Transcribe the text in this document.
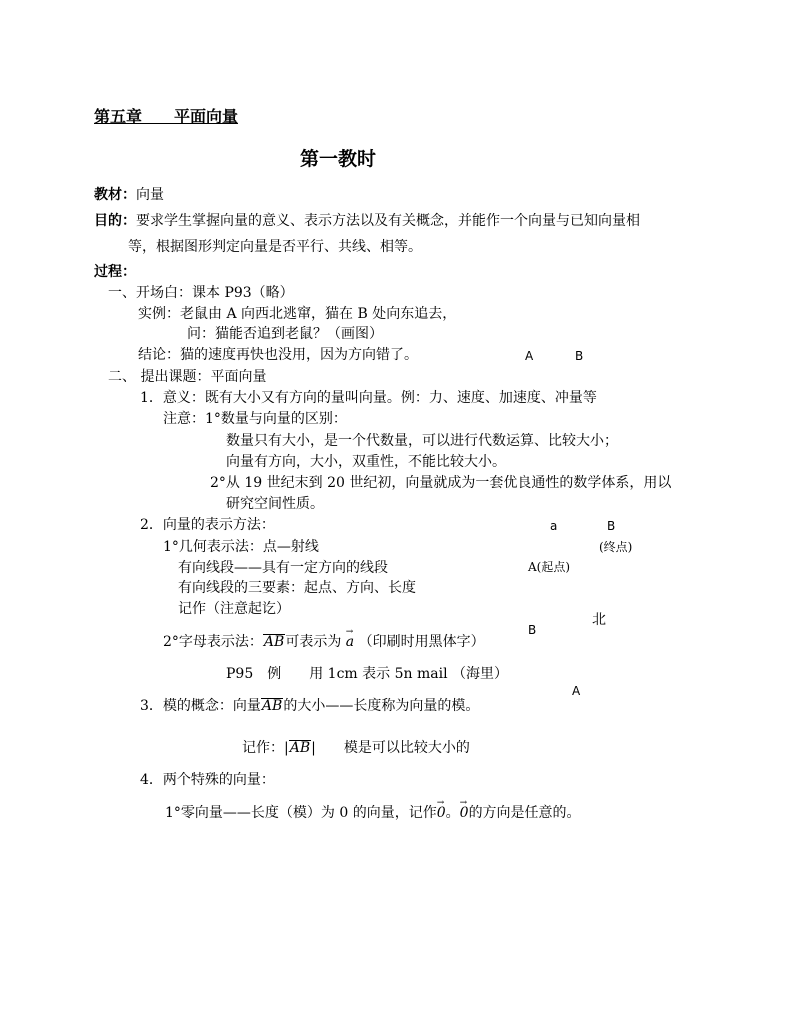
第五章　　平面向量
第一教时
教材：向量
目的：要求学生掌握向量的意义、表示方法以及有关概念，并能作一个向量与已知向量相
等，根据图形判定向量是否平行、共线、相等。
过程：
一、开场白：课本 P93（略）
实例：老鼠由 A 向西北逃窜，猫在 B 处向东追去，
问：猫能否追到老鼠？（画图）
结论：猫的速度再快也没用，因为方向错了。	A	B
二、 提出课题：平面向量
1．意义：既有大小又有方向的量叫向量。例：力、速度、加速度、冲量等
注意：1°数量与向量的区别：
数量只有大小，是一个代数量，可以进行代数运算、比较大小；
向量有方向，大小，双重性，不能比较大小。
2°从 19 世纪末到 20 世纪初，向量就成为一套优良通性的数学体系，用以
研究空间性质。
2．向量的表示方法：
1°几何表示法：点—射线
有向线段——具有一定方向的线段
有向线段的三要素：起点、方向、长度
记作（注意起讫）
a	B
(终点)
A(起点)
2°字母表示法：AB可表示为 a → （印刷时用黑体字）
P95　例　　用 1cm 表示 5n mail （海里）
北
B
A
3．模的概念：向量AB的大小——长度称为向量的模。
记作：|AB|　　模是可以比较大小的
4．两个特殊的向量：
1°零向量——长度（模）为 0 的向量，记作0 →。0 →的方向是任意的。
